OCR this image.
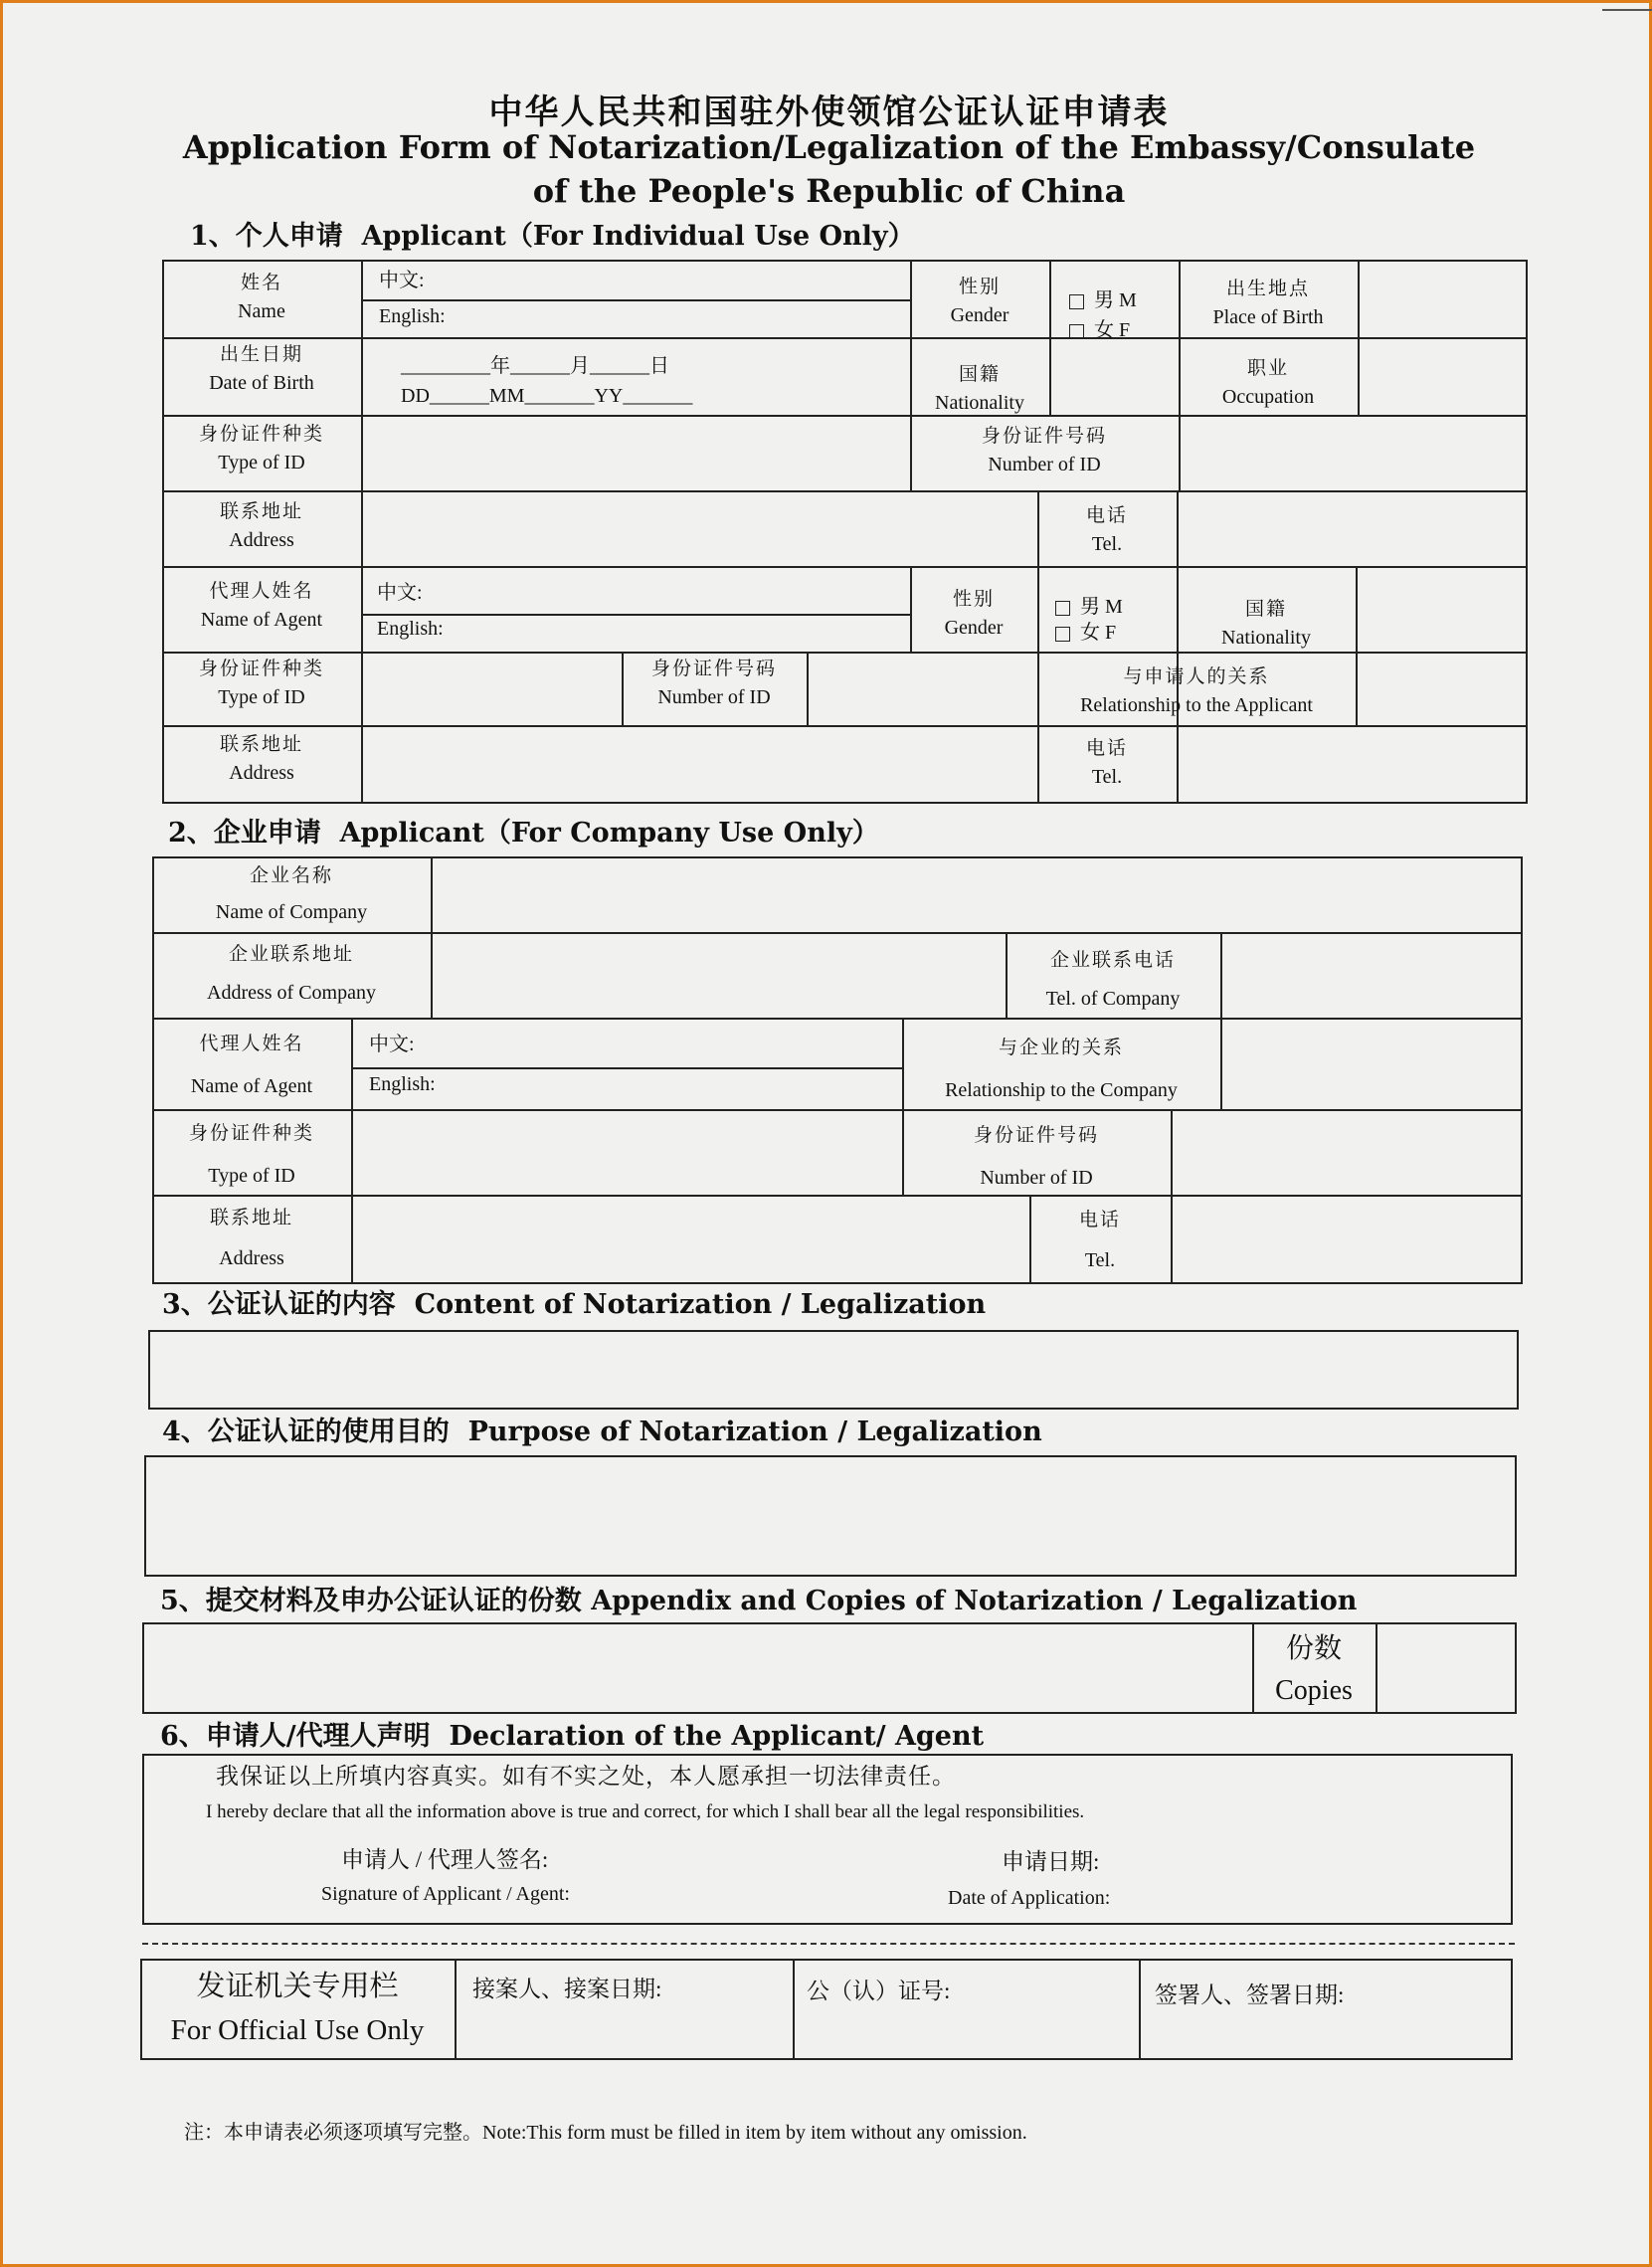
中华人民共和国驻外使领馆公证认证申请表
Application Form of Notarization/Legalization of the Embassy/Consulate
of the People's Republic of China
1、个人申请 Applicant（For Individual Use Only）
姓名
Name
中文:
English:
性别
Gender
男 M
女 F
出生地点
Place of Birth
出生日期
Date of Birth
_________年______月______日
DD______MM_______YY_______
国籍
Nationality
职业
Occupation
身份证件种类
Type of ID
身份证件号码
Number of ID
联系地址
Address
电话
Tel.
代理人姓名
Name of Agent
中文:
English:
性别
Gender
男 M
女 F
国籍
Nationality
身份证件种类
Type of ID
身份证件号码
Number of ID
与申请人的关系
Relationship to the Applicant
联系地址
Address
电话
Tel.
2、企业申请 Applicant（For Company Use Only）
企业名称
Name of Company
企业联系地址
Address of Company
企业联系电话
Tel. of Company
代理人姓名
Name of Agent
中文:
English:
与企业的关系
Relationship to the Company
身份证件种类
Type of ID
身份证件号码
Number of ID
联系地址
Address
电话
Tel.
3、公证认证的内容 Content of Notarization / Legalization
4、公证认证的使用目的 Purpose of Notarization / Legalization
5、提交材料及申办公证认证的份数 Appendix and Copies of Notarization / Legalization
份数
Copies
6、申请人/代理人声明 Declaration of the Applicant/ Agent
我保证以上所填内容真实。如有不实之处，本人愿承担一切法律责任。
I hereby declare that all the information above is true and correct, for which I shall bear all the legal responsibilities.
申请人 / 代理人签名:
Signature of Applicant / Agent:
申请日期:
Date of Application:
发证机关专用栏
For Official Use Only
接案人、接案日期:	公（认）证号:	签署人、签署日期:
注：本申请表必须逐项填写完整。Note:This form must be filled in item by item without any omission.
